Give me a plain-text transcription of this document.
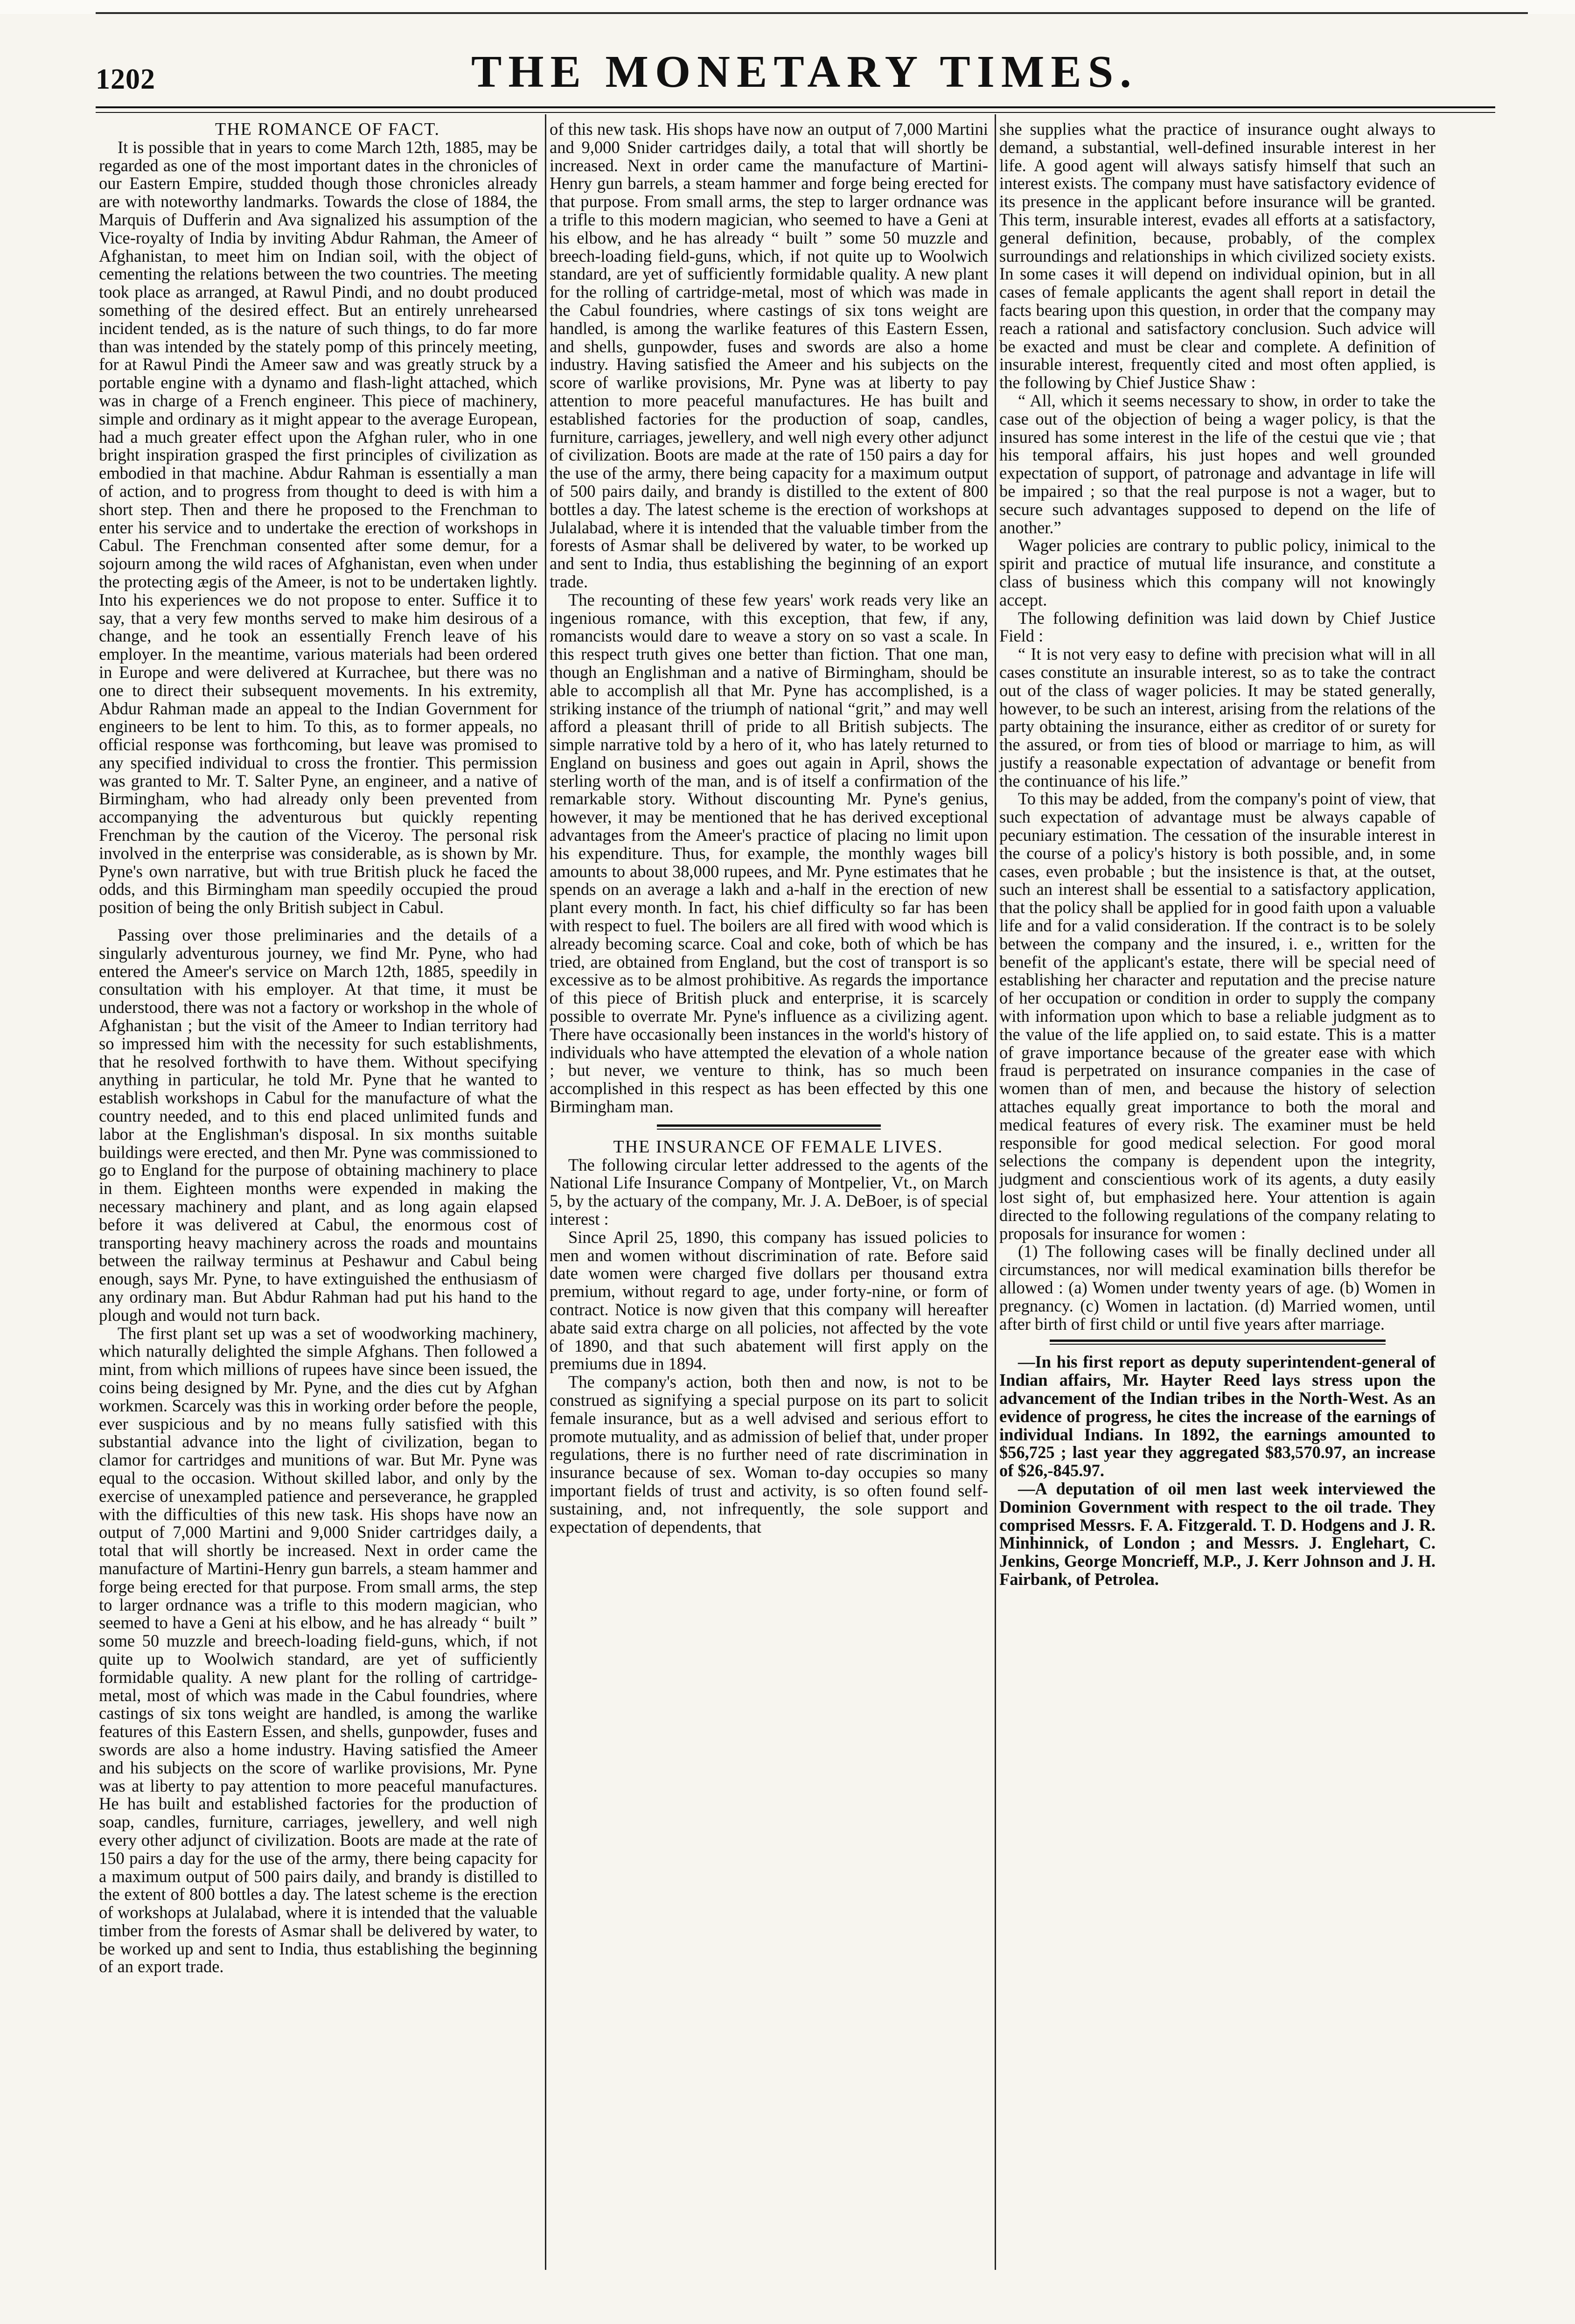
1202	THE MONETARY TIMES.

THE ROMANCE OF FACT.

It is possible that in years to come March 12th, 1885, may be regarded as one of the most important dates in the chronicles of our Eastern Empire, studded though those chronicles already are with noteworthy landmarks. Towards the close of 1884, the Marquis of Dufferin and Ava signalized his assumption of the Vice-royalty of India by inviting Abdur Rahman, the Ameer of Afghanistan, to meet him on Indian soil, with the object of cementing the relations between the two countries. The meeting took place as arranged, at Rawul Pindi, and no doubt produced something of the desired effect. But an entirely unrehearsed incident tended, as is the nature of such things, to do far more than was intended by the stately pomp of this princely meeting, for at Rawul Pindi the Ameer saw and was greatly struck by a portable engine with a dynamo and flash-light attached, which was in charge of a French engineer. This piece of machinery, simple and ordinary as it might appear to the average European, had a much greater effect upon the Afghan ruler, who in one bright inspiration grasped the first principles of civilization as embodied in that machine. Abdur Rahman is essentially a man of action, and to progress from thought to deed is with him a short step. Then and there he proposed to the Frenchman to enter his service and to undertake the erection of workshops in Cabul. The Frenchman consented after some demur, for a sojourn among the wild races of Afghanistan, even when under the protecting ægis of the Ameer, is not to be undertaken lightly. Into his experiences we do not propose to enter. Suffice it to say, that a very few months served to make him desirous of a change, and he took an essentially French leave of his employer. In the meantime, various materials had been ordered in Europe and were delivered at Kurrachee, but there was no one to direct their subsequent movements. In his extremity, Abdur Rahman made an appeal to the Indian Government for engineers to be lent to him. To this, as to former appeals, no official response was forthcoming, but leave was promised to any specified individual to cross the frontier. This permission was granted to Mr. T. Salter Pyne, an engineer, and a native of Birmingham, who had already only been prevented from accompanying the adventurous but quickly repenting Frenchman by the caution of the Viceroy. The personal risk involved in the enterprise was considerable, as is shown by Mr. Pyne's own narrative, but with true British pluck he faced the odds, and this Birmingham man speedily occupied the proud position of being the only British subject in Cabul.

Passing over those preliminaries and the details of a singularly adventurous journey, we find Mr. Pyne, who had entered the Ameer's service on March 12th, 1885, speedily in consultation with his employer. At that time, it must be understood, there was not a factory or workshop in the whole of Afghanistan ; but the visit of the Ameer to Indian territory had so impressed him with the necessity for such establishments, that he resolved forthwith to have them. Without specifying anything in particular, he told Mr. Pyne that he wanted to establish workshops in Cabul for the manufacture of what the country needed, and to this end placed unlimited funds and labor at the Englishman's disposal. In six months suitable buildings were erected, and then Mr. Pyne was commissioned to go to England for the purpose of obtaining machinery to place in them. Eighteen months were expended in making the necessary machinery and plant, and as long again elapsed before it was delivered at Cabul, the enormous cost of transporting heavy machinery across the roads and mountains between the railway terminus at Peshawur and Cabul being enough, says Mr. Pyne, to have extinguished the enthusiasm of any ordinary man. But Abdur Rahman had put his hand to the plough and would not turn back.

The first plant set up was a set of woodworking machinery, which naturally delighted the simple Afghans. Then followed a mint, from which millions of rupees have since been issued, the coins being designed by Mr. Pyne, and the dies cut by Afghan workmen. Scarcely was this in working order before the people, ever suspicious and by no means fully satisfied with this substantial advance into the light of civilization, began to clamor for cartridges and munitions of war. But Mr. Pyne was equal to the occasion. Without skilled labor, and only by the exercise of unexampled patience and perseverance, he grappled with the difficulties of this new task. His shops have now an output of 7,000 Martini and 9,000 Snider cartridges daily, a total that will shortly be increased. Next in order came the manufacture of Martini-Henry gun barrels, a steam hammer and forge being erected for that purpose. From small arms, the step to larger ordnance was a trifle to this modern magician, who seemed to have a Geni at his elbow, and he has already “ built ” some 50 muzzle and breech-loading field-guns, which, if not quite up to Woolwich standard, are yet of sufficiently formidable quality. A new plant for the rolling of cartridge-metal, most of which was made in the Cabul foundries, where castings of six tons weight are handled, is among the warlike features of this Eastern Essen, and shells, gunpowder, fuses and swords are also a home industry. Having satisfied the Ameer and his subjects on the score of warlike provisions, Mr. Pyne was at liberty to pay attention to more peaceful manufactures. He has built and established factories for the production of soap, candles, furniture, carriages, jewellery, and well nigh every other adjunct of civilization. Boots are made at the rate of 150 pairs a day for the use of the army, there being capacity for a maximum output of 500 pairs daily, and brandy is distilled to the extent of 800 bottles a day. The latest scheme is the erection of workshops at Julalabad, where it is intended that the valuable timber from the forests of Asmar shall be delivered by water, to be worked up and sent to India, thus establishing the beginning of an export trade.

of this new task. His shops have now an output of 7,000 Martini and 9,000 Snider cartridges daily, a total that will shortly be increased. Next in order came the manufacture of Martini-Henry gun barrels, a steam hammer and forge being erected for that purpose. From small arms, the step to larger ordnance was a trifle to this modern magician, who seemed to have a Geni at his elbow, and he has already “ built ” some 50 muzzle and breech-loading field-guns, which, if not quite up to Woolwich standard, are yet of sufficiently formidable quality. A new plant for the rolling of cartridge-metal, most of which was made in the Cabul foundries, where castings of six tons weight are handled, is among the warlike features of this Eastern Essen, and shells, gunpowder, fuses and swords are also a home industry. Having satisfied the Ameer and his subjects on the score of warlike provisions, Mr. Pyne was at liberty to pay attention to more peaceful manufactures. He has built and established factories for the production of soap, candles, furniture, carriages, jewellery, and well nigh every other adjunct of civilization. Boots are made at the rate of 150 pairs a day for the use of the army, there being capacity for a maximum output of 500 pairs daily, and brandy is distilled to the extent of 800 bottles a day. The latest scheme is the erection of workshops at Julalabad, where it is intended that the valuable timber from the forests of Asmar shall be delivered by water, to be worked up and sent to India, thus establishing the beginning of an export trade.

The recounting of these few years' work reads very like an ingenious romance, with this exception, that few, if any, romancists would dare to weave a story on so vast a scale. In this respect truth gives one better than fiction. That one man, though an Englishman and a native of Birmingham, should be able to accomplish all that Mr. Pyne has accomplished, is a striking instance of the triumph of national “grit,” and may well afford a pleasant thrill of pride to all British subjects. The simple narrative told by a hero of it, who has lately returned to England on business and goes out again in April, shows the sterling worth of the man, and is of itself a confirmation of the remarkable story. Without discounting Mr. Pyne's genius, however, it may be mentioned that he has derived exceptional advantages from the Ameer's practice of placing no limit upon his expenditure. Thus, for example, the monthly wages bill amounts to about 38,000 rupees, and Mr. Pyne estimates that he spends on an average a lakh and a-half in the erection of new plant every month. In fact, his chief difficulty so far has been with respect to fuel. The boilers are all fired with wood which is already becoming scarce. Coal and coke, both of which be has tried, are obtained from England, but the cost of transport is so excessive as to be almost prohibitive. As regards the importance of this piece of British pluck and enterprise, it is scarcely possible to overrate Mr. Pyne's influence as a civilizing agent. There have occasionally been instances in the world's history of individuals who have attempted the elevation of a whole nation ; but never, we venture to think, has so much been accomplished in this respect as has been effected by this one Birmingham man.

THE INSURANCE OF FEMALE LIVES.

The following circular letter addressed to the agents of the National Life Insurance Company of Montpelier, Vt., on March 5, by the actuary of the company, Mr. J. A. DeBoer, is of special interest :

Since April 25, 1890, this company has issued policies to men and women without discrimination of rate. Before said date women were charged five dollars per thousand extra premium, without regard to age, under forty-nine, or form of contract. Notice is now given that this company will hereafter abate said extra charge on all policies, not affected by the vote of 1890, and that such abatement will first apply on the premiums due in 1894.

The company's action, both then and now, is not to be construed as signifying a special purpose on its part to solicit female insurance, but as a well advised and serious effort to promote mutuality, and as admission of belief that, under proper regulations, there is no further need of rate discrimination in insurance because of sex. Woman to-day occupies so many important fields of trust and activity, is so often found self-sustaining, and, not infrequently, the sole support and expectation of dependents, that

she supplies what the practice of insurance ought always to demand, a substantial, well-defined insurable interest in her life. A good agent will always satisfy himself that such an interest exists. The company must have satisfactory evidence of its presence in the applicant before insurance will be granted. This term, insurable interest, evades all efforts at a satisfactory, general definition, because, probably, of the complex surroundings and relationships in which civilized society exists. In some cases it will depend on individual opinion, but in all cases of female applicants the agent shall report in detail the facts bearing upon this question, in order that the company may reach a rational and satisfactory conclusion. Such advice will be exacted and must be clear and complete. A definition of insurable interest, frequently cited and most often applied, is the following by Chief Justice Shaw :

“ All, which it seems necessary to show, in order to take the case out of the objection of being a wager policy, is that the insured has some interest in the life of the cestui que vie ; that his temporal affairs, his just hopes and well grounded expectation of support, of patronage and advantage in life will be impaired ; so that the real purpose is not a wager, but to secure such advantages supposed to depend on the life of another.”

Wager policies are contrary to public policy, inimical to the spirit and practice of mutual life insurance, and constitute a class of business which this company will not knowingly accept.

The following definition was laid down by Chief Justice Field :

“ It is not very easy to define with precision what will in all cases constitute an insurable interest, so as to take the contract out of the class of wager policies. It may be stated generally, however, to be such an interest, arising from the relations of the party obtaining the insurance, either as creditor of or surety for the assured, or from ties of blood or marriage to him, as will justify a reasonable expectation of advantage or benefit from the continuance of his life.”

To this may be added, from the company's point of view, that such expectation of advantage must be always capable of pecuniary estimation. The cessation of the insurable interest in the course of a policy's history is both possible, and, in some cases, even probable ; but the insistence is that, at the outset, such an interest shall be essential to a satisfactory application, that the policy shall be applied for in good faith upon a valuable life and for a valid consideration. If the contract is to be solely between the company and the insured, i. e., written for the benefit of the applicant's estate, there will be special need of establishing her character and reputation and the precise nature of her occupation or condition in order to supply the company with information upon which to base a reliable judgment as to the value of the life applied on, to said estate. This is a matter of grave importance because of the greater ease with which fraud is perpetrated on insurance companies in the case of women than of men, and because the history of selection attaches equally great importance to both the moral and medical features of every risk. The examiner must be held responsible for good medical selection. For good moral selections the company is dependent upon the integrity, judgment and conscientious work of its agents, a duty easily lost sight of, but emphasized here. Your attention is again directed to the following regulations of the company relating to proposals for insurance for women :

(1) The following cases will be finally declined under all circumstances, nor will medical examination bills therefor be allowed : (a) Women under twenty years of age. (b) Women in pregnancy. (c) Women in lactation. (d) Married women, until after birth of first child or until five years after marriage.

—In his first report as deputy superintendent-general of Indian affairs, Mr. Hayter Reed lays stress upon the advancement of the Indian tribes in the North-West. As an evidence of progress, he cites the increase of the earnings of individual Indians. In 1892, the earnings amounted to $56,725 ; last year they aggregated $83,570.97, an increase of $26,-845.97.

—A deputation of oil men last week interviewed the Dominion Government with respect to the oil trade. They comprised Messrs. F. A. Fitzgerald. T. D. Hodgens and J. R. Minhinnick, of London ; and Messrs. J. Englehart, C. Jenkins, George Moncrieff, M.P., J. Kerr Johnson and J. H. Fairbank, of Petrolea.
